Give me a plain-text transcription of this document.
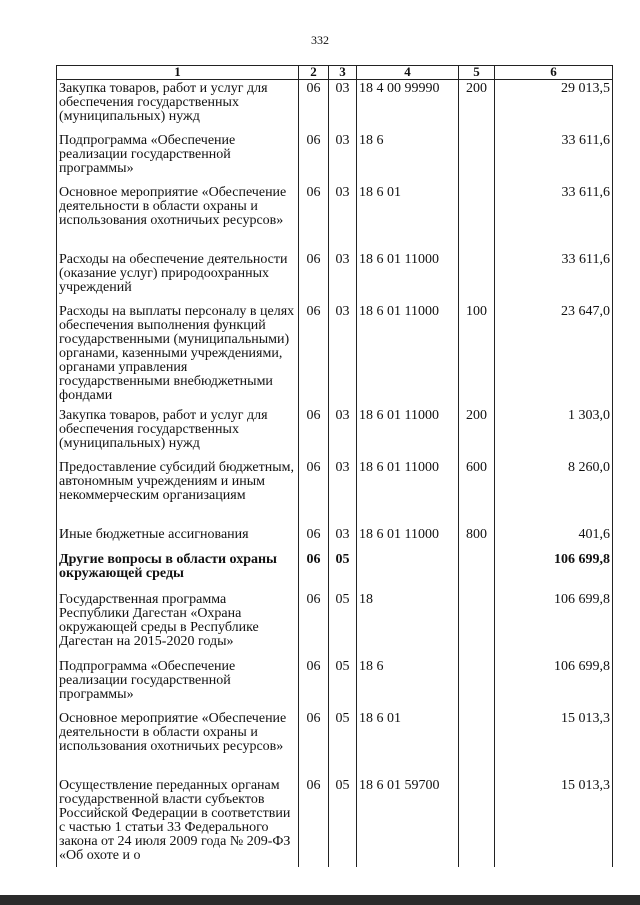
332
1	2	3	4	5	6
Закупка товаров, работ и услуг для обеспечения государственных (муниципальных) нужд	06	03	18 4 00 99990	200	29 013,5
Подпрограмма «Обеспечение реализации государственной программы»	06	03	18 6		33 611,6
Основное мероприятие «Обеспечение деятельности в области охраны и использования охотничьих ресурсов»	06	03	18 6 01		33 611,6
Расходы на обеспечение деятельности (оказание услуг) природоохранных учреждений	06	03	18 6 01 11000		33 611,6
Расходы на выплаты персоналу в целях обеспечения выполнения функций государственными (муниципальными) органами, казенными учреждениями, органами управления государственными внебюджетными фондами	06	03	18 6 01 11000	100	23 647,0
Закупка товаров, работ и услуг для обеспечения государственных (муниципальных) нужд	06	03	18 6 01 11000	200	1 303,0
Предоставление субсидий бюджетным, автономным учреждениям и иным некоммерческим организациям	06	03	18 6 01 11000	600	8 260,0
Иные бюджетные ассигнования	06	03	18 6 01 11000	800	401,6
Другие вопросы в области охраны окружающей среды	06	05			106 699,8
Государственная программа Республики Дагестан «Охрана окружающей среды в Республике Дагестан на 2015-2020 годы»	06	05	18		106 699,8
Подпрограмма «Обеспечение реализации государственной программы»	06	05	18 6		106 699,8
Основное мероприятие «Обеспечение деятельности в области охраны и использования охотничьих ресурсов»	06	05	18 6 01		15 013,3
Осуществление переданных органам государственной власти субъектов Российской Федерации в соответствии с частью 1 статьи 33 Федерального закона от 24 июля 2009 года № 209-ФЗ «Об охоте и о	06	05	18 6 01 59700		15 013,3
